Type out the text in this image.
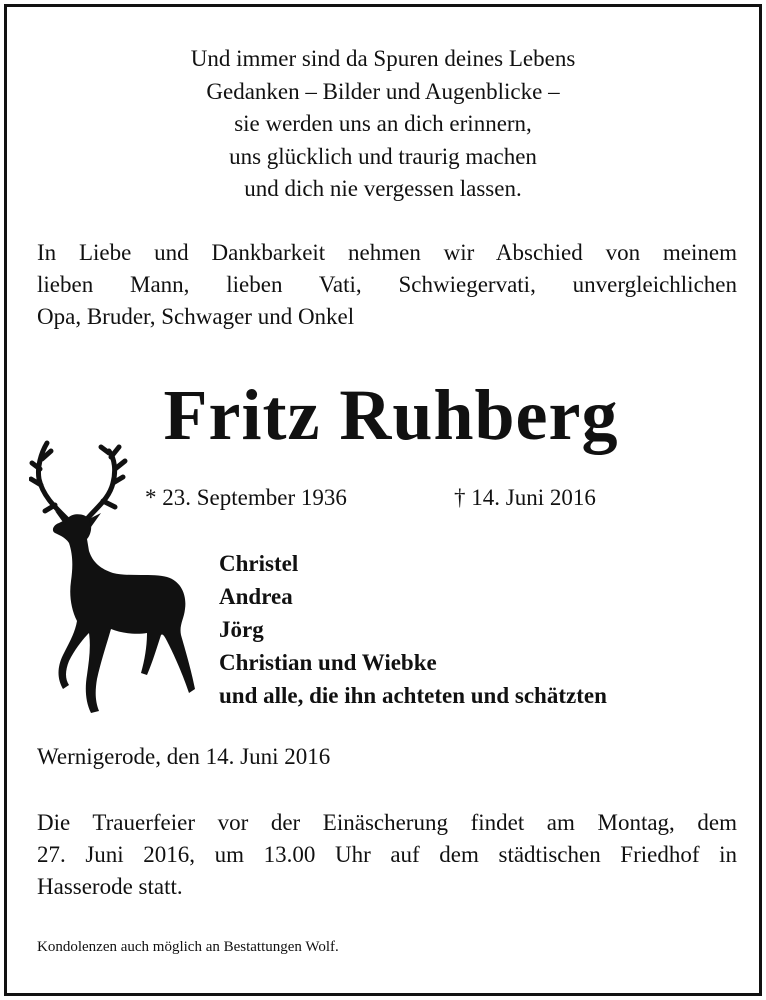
Und immer sind da Spuren deines Lebens
Gedanken – Bilder und Augenblicke –
sie werden uns an dich erinnern,
uns glücklich und traurig machen
und dich nie vergessen lassen.
In Liebe und Dankbarkeit nehmen wir Abschied von meinem
lieben Mann, lieben Vati, Schwiegervati, unvergleichlichen
Opa, Bruder, Schwager und Onkel
Fritz Ruhberg
* 23. September 1936	† 14. Juni 2016
Christel
Andrea
Jörg
Christian und Wiebke
und alle, die ihn achteten und schätzten
Wernigerode, den 14. Juni 2016
Die Trauerfeier vor der Einäscherung findet am Montag, dem
27. Juni 2016, um 13.00 Uhr auf dem städtischen Friedhof in
Hasserode statt.
Kondolenzen auch möglich an Bestattungen Wolf.
